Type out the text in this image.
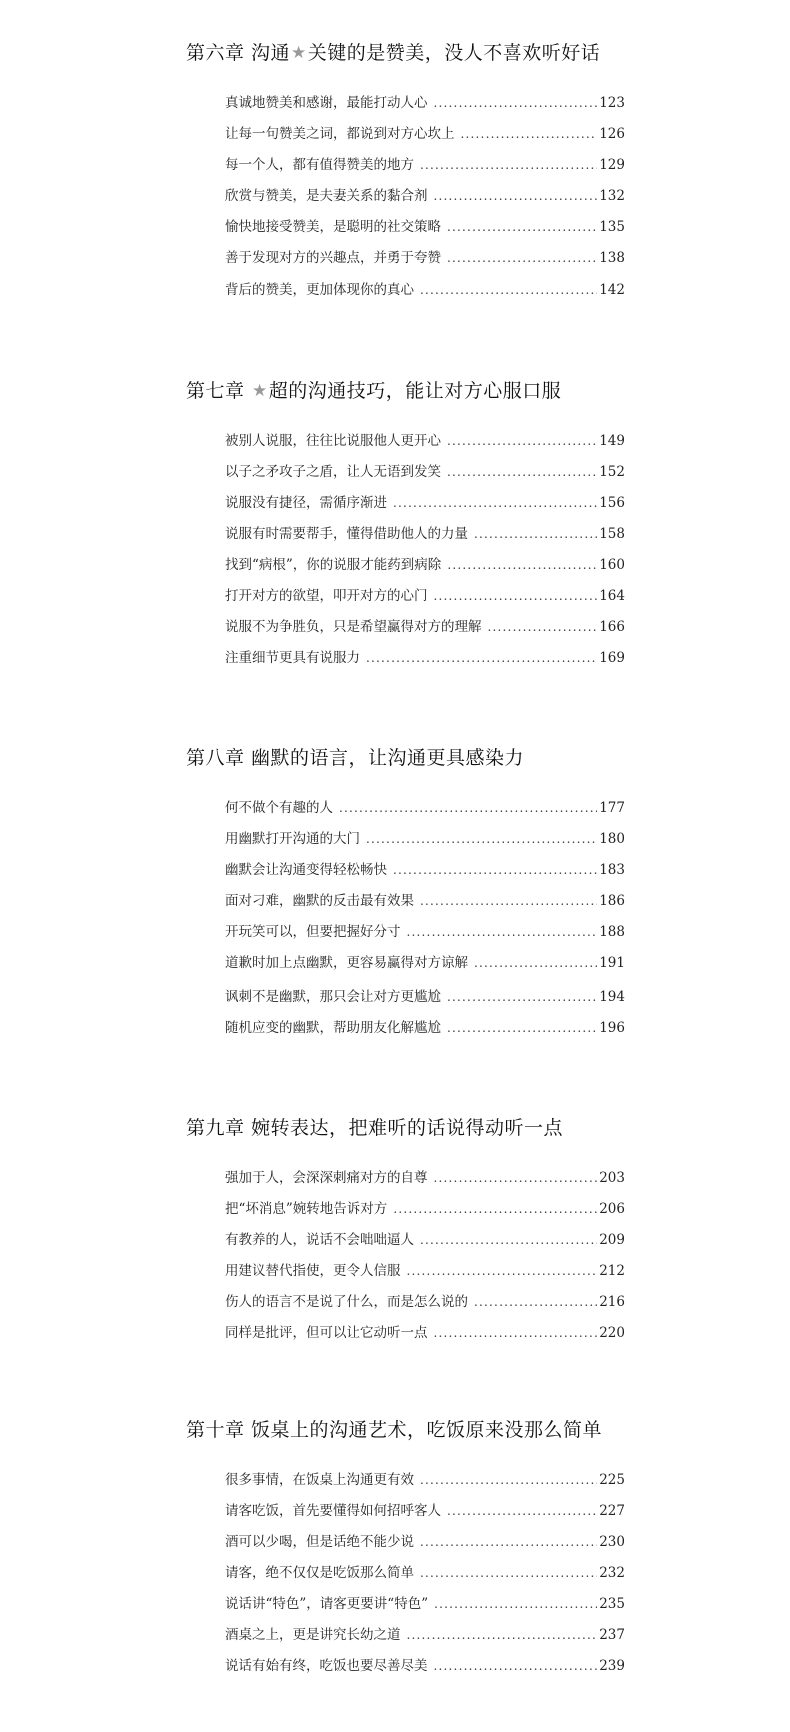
第六章 沟通★关键的是赞美，没人不喜欢听好话
真诚地赞美和感谢，最能打动人心 .....	123
让每一句赞美之词，都说到对方心坎上 .....	126
每一个人，都有值得赞美的地方 .....	129
欣赏与赞美，是夫妻关系的黏合剂 .....	132
愉快地接受赞美，是聪明的社交策略 .....	135
善于发现对方的兴趣点，并勇于夸赞 .....	138
背后的赞美，更加体现你的真心 .....	142
第七章 ★超的沟通技巧，能让对方心服口服
被别人说服，往往比说服他人更开心 .....	149
以子之矛攻子之盾，让人无语到发笑 .....	152
说服没有捷径，需循序渐进 .....	156
说服有时需要帮手，懂得借助他人的力量 .....	158
找到“病根”，你的说服才能药到病除 .....	160
打开对方的欲望，叩开对方的心门 .....	164
说服不为争胜负，只是希望赢得对方的理解 .....	166
注重细节更具有说服力 .....	169
第八章 幽默的语言，让沟通更具感染力
何不做个有趣的人 .....	177
用幽默打开沟通的大门 .....	180
幽默会让沟通变得轻松畅快 .....	183
面对刁难，幽默的反击最有效果 .....	186
开玩笑可以，但要把握好分寸 .....	188
道歉时加上点幽默，更容易赢得对方谅解 .....	191
讽刺不是幽默，那只会让对方更尴尬 .....	194
随机应变的幽默，帮助朋友化解尴尬 .....	196
第九章 婉转表达，把难听的话说得动听一点
强加于人，会深深刺痛对方的自尊 .....	203
把“坏消息”婉转地告诉对方 .....	206
有教养的人，说话不会咄咄逼人 .....	209
用建议替代指使，更令人信服 .....	212
伤人的语言不是说了什么，而是怎么说的 .....	216
同样是批评，但可以让它动听一点 .....	220
第十章 饭桌上的沟通艺术，吃饭原来没那么简单
很多事情，在饭桌上沟通更有效 .....	225
请客吃饭，首先要懂得如何招呼客人 .....	227
酒可以少喝，但是话绝不能少说 .....	230
请客，绝不仅仅是吃饭那么简单 .....	232
说话讲“特色”，请客更要讲“特色” .....	235
酒桌之上，更是讲究长幼之道 .....	237
说话有始有终，吃饭也要尽善尽美 .....	239
